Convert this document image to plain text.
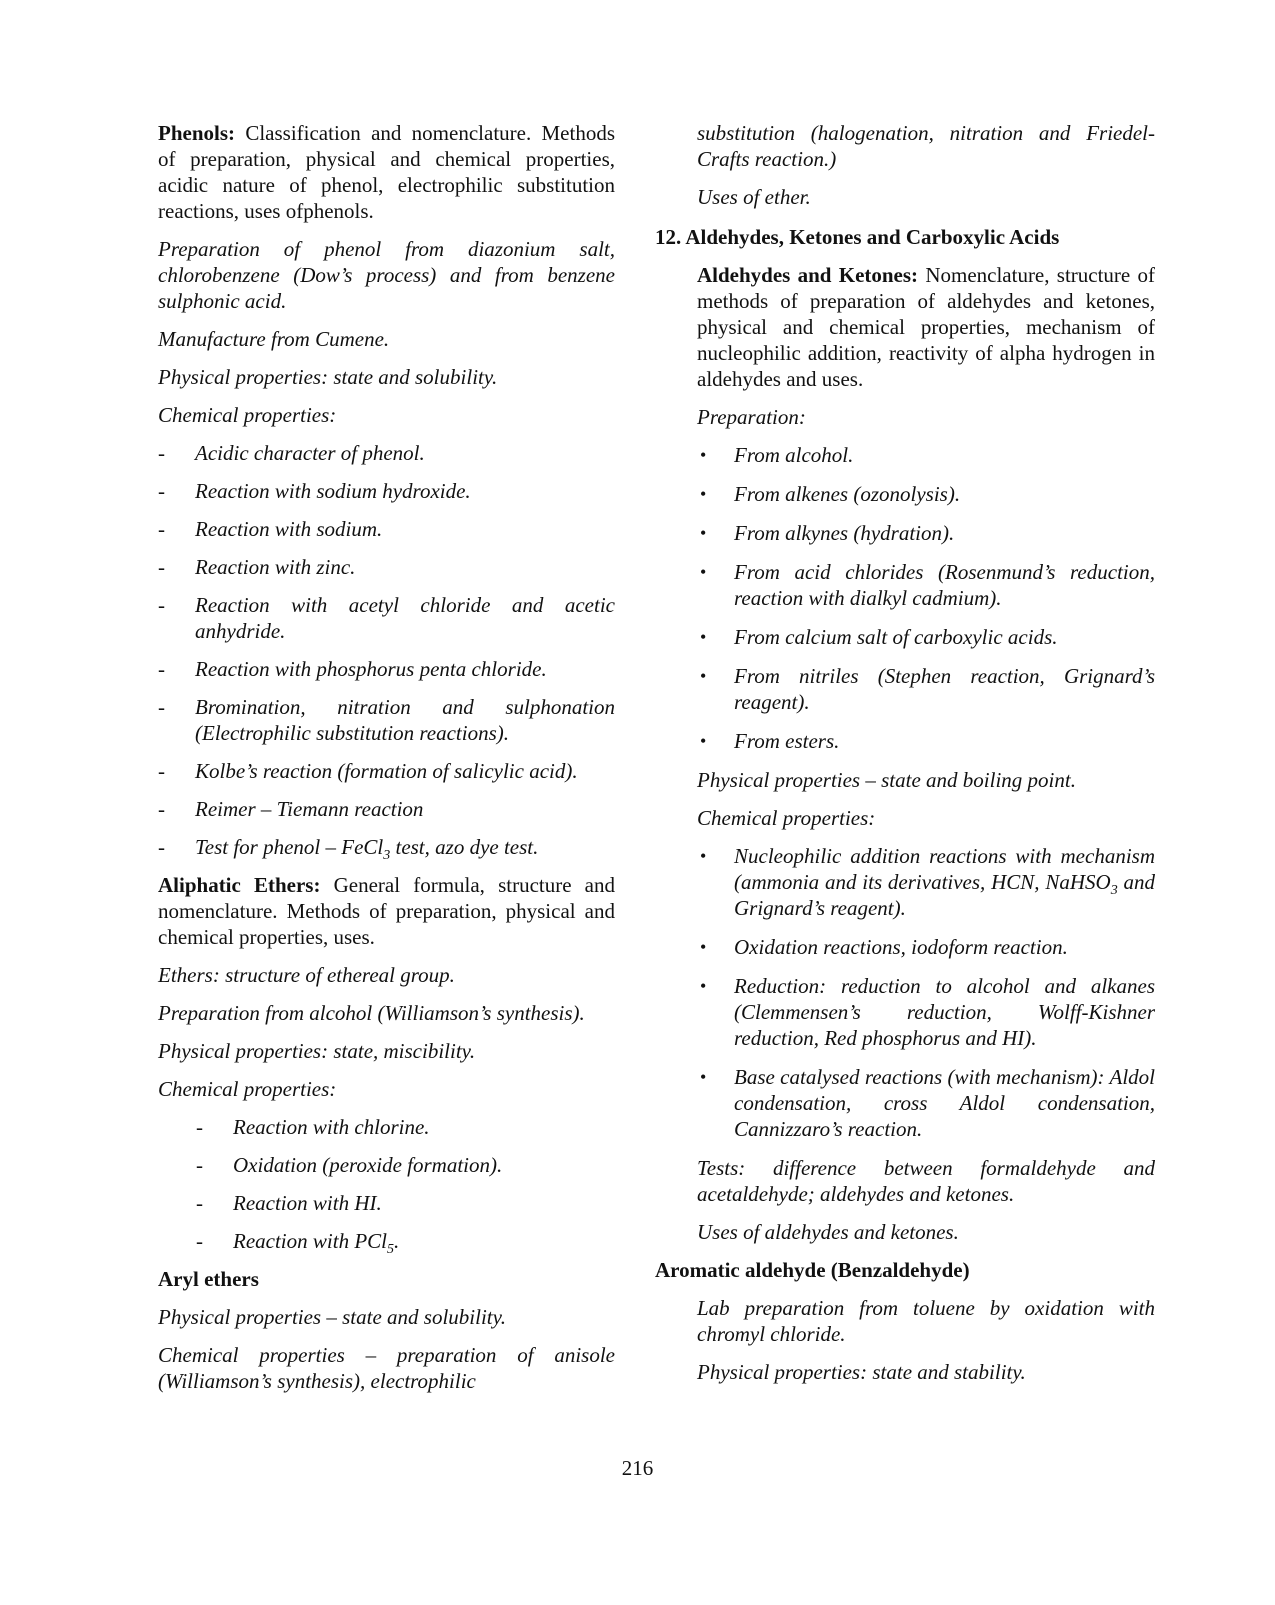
Phenols: Classification and nomenclature. Methods of preparation, physical and chemical properties, acidic nature of phenol, electrophilic substitution reactions, uses ofphenols.

Preparation of phenol from diazonium salt, chlorobenzene (Dow’s process) and from benzene sulphonic acid.

Manufacture from Cumene.

Physical properties: state and solubility.

Chemical properties:

- Acidic character of phenol.
- Reaction with sodium hydroxide.
- Reaction with sodium.
- Reaction with zinc.
- Reaction with acetyl chloride and acetic anhydride.
- Reaction with phosphorus penta chloride.
- Bromination, nitration and sulphonation (Electrophilic substitution reactions).
- Kolbe’s reaction (formation of salicylic acid).
- Reimer – Tiemann reaction
- Test for phenol – FeCl$_3$ test, azo dye test.

Aliphatic Ethers: General formula, structure and nomenclature. Methods of preparation, physical and chemical properties, uses.

Ethers: structure of ethereal group.

Preparation from alcohol (Williamson’s synthesis).

Physical properties: state, miscibility.

Chemical properties:

- Reaction with chlorine.
- Oxidation (peroxide formation).
- Reaction with HI.
- Reaction with PCl$_5$.

Aryl ethers

Physical properties – state and solubility.

Chemical properties – preparation of anisole (Williamson’s synthesis), electrophilic

substitution (halogenation, nitration and Friedel-Crafts reaction.)

Uses of ether.

12. Aldehydes, Ketones and Carboxylic Acids

Aldehydes and Ketones: Nomenclature, structure of methods of preparation of aldehydes and ketones, physical and chemical properties, mechanism of nucleophilic addition, reactivity of alpha hydrogen in aldehydes and uses.

Preparation:

• From alcohol.
• From alkenes (ozonolysis).
• From alkynes (hydration).
• From acid chlorides (Rosenmund’s reduction, reaction with dialkyl cadmium).
• From calcium salt of carboxylic acids.
• From nitriles (Stephen reaction, Grignard’s reagent).
• From esters.

Physical properties – state and boiling point.

Chemical properties:

• Nucleophilic addition reactions with mechanism (ammonia and its derivatives, HCN, NaHSO$_3$ and Grignard’s reagent).
• Oxidation reactions, iodoform reaction.
• Reduction: reduction to alcohol and alkanes (Clemmensen’s reduction, Wolff-Kishner reduction, Red phosphorus and HI).
• Base catalysed reactions (with mechanism): Aldol condensation, cross Aldol condensation, Cannizzaro’s reaction.

Tests: difference between formaldehyde and acetaldehyde; aldehydes and ketones.

Uses of aldehydes and ketones.

Aromatic aldehyde (Benzaldehyde)

Lab preparation from toluene by oxidation with chromyl chloride.

Physical properties: state and stability.

216
